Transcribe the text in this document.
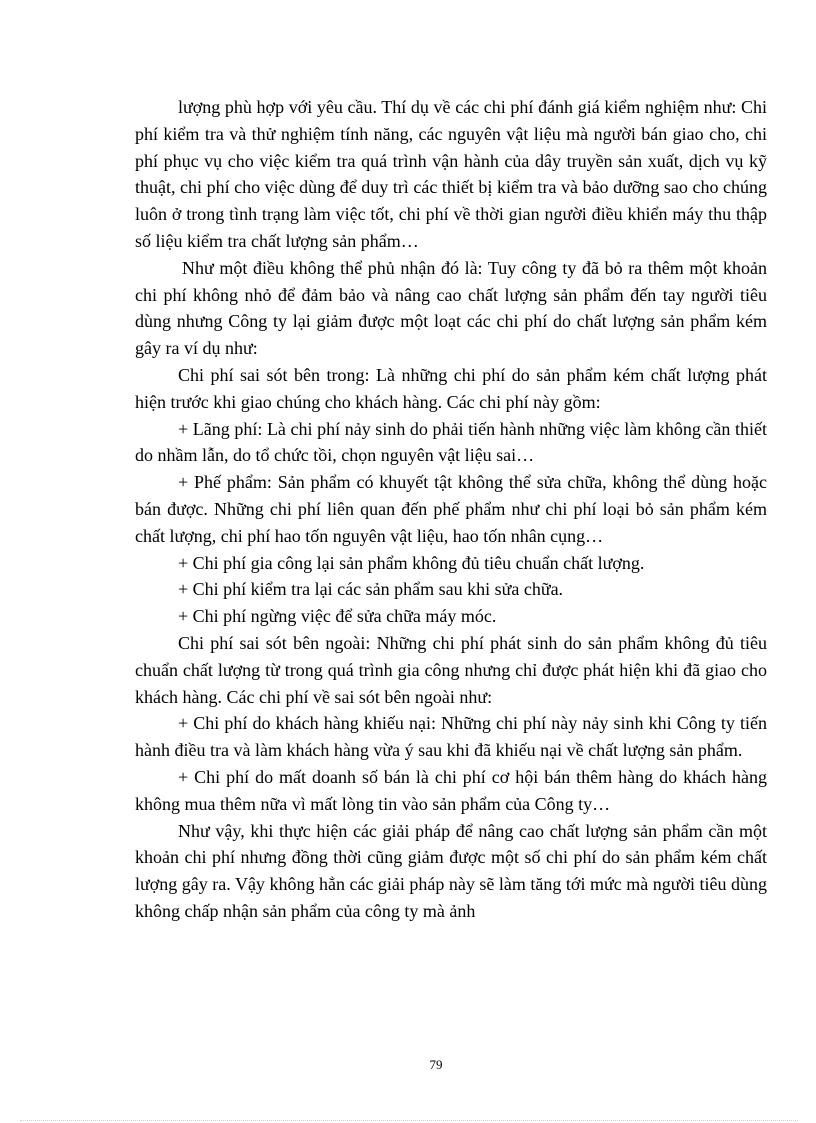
lượng phù hợp với yêu cầu. Thí dụ về các chi phí đánh giá kiểm nghiệm như: Chi phí kiểm tra và thử nghiệm tính năng, các nguyên vật liệu mà người bán giao cho, chi phí phục vụ cho việc kiểm tra quá trình vận hành của dây truyền sản xuất, dịch vụ kỹ thuật, chi phí cho việc dùng để duy trì các thiết bị kiểm tra và bảo dưỡng sao cho chúng luôn ở trong tình trạng làm việc tốt, chi phí về thời gian người điều khiển máy thu thập số liệu kiểm tra chất lượng sản phẩm…

Như một điều không thể phủ nhận đó là: Tuy công ty đã bỏ ra thêm một khoản chi phí không nhỏ để đảm bảo và nâng cao chất lượng sản phẩm đến tay người tiêu dùng nhưng Công ty lại giảm được một loạt các chi phí do chất lượng sản phẩm kém gây ra ví dụ như:

Chi phí sai sót bên trong: Là những chi phí do sản phẩm kém chất lượng phát hiện trước khi giao chúng cho khách hàng. Các chi phí này gồm:

+ Lãng phí: Là chi phí nảy sinh do phải tiến hành những việc làm không cần thiết do nhầm lẫn, do tổ chức tồi, chọn nguyên vật liệu sai…

+ Phế phẩm: Sản phẩm có khuyết tật không thể sửa chữa, không thể dùng hoặc bán được. Những chi phí liên quan đến phế phẩm như chi phí loại bỏ sản phẩm kém chất lượng, chi phí hao tốn nguyên vật liệu, hao tốn nhân cụng…

+ Chi phí gia công lại sản phẩm không đủ tiêu chuẩn chất lượng.

+ Chi phí kiểm tra lại các sản phẩm sau khi sửa chữa.

+ Chi phí ngừng việc để sửa chữa máy móc.

Chi phí sai sót bên ngoài: Những chi phí phát sinh do sản phẩm không đủ tiêu chuẩn chất lượng từ trong quá trình gia công nhưng chỉ được phát hiện khi đã giao cho khách hàng. Các chi phí về sai sót bên ngoài như:

+ Chi phí do khách hàng khiếu nại: Những chi phí này nảy sinh khi Công ty tiến hành điều tra và làm khách hàng vừa ý sau khi đã khiếu nại về chất lượng sản phẩm.

+ Chi phí do mất doanh số bán là chi phí cơ hội bán thêm hàng do khách hàng không mua thêm nữa vì mất lòng tin vào sản phẩm của Công ty…

Như vậy, khi thực hiện các giải pháp để nâng cao chất lượng sản phẩm cần một khoản chi phí nhưng đồng thời cũng giảm được một số chi phí do sản phẩm kém chất lượng gây ra. Vậy không hẳn các giải pháp này sẽ làm tăng tới mức mà người tiêu dùng không chấp nhận sản phẩm của công ty mà ảnh

79
